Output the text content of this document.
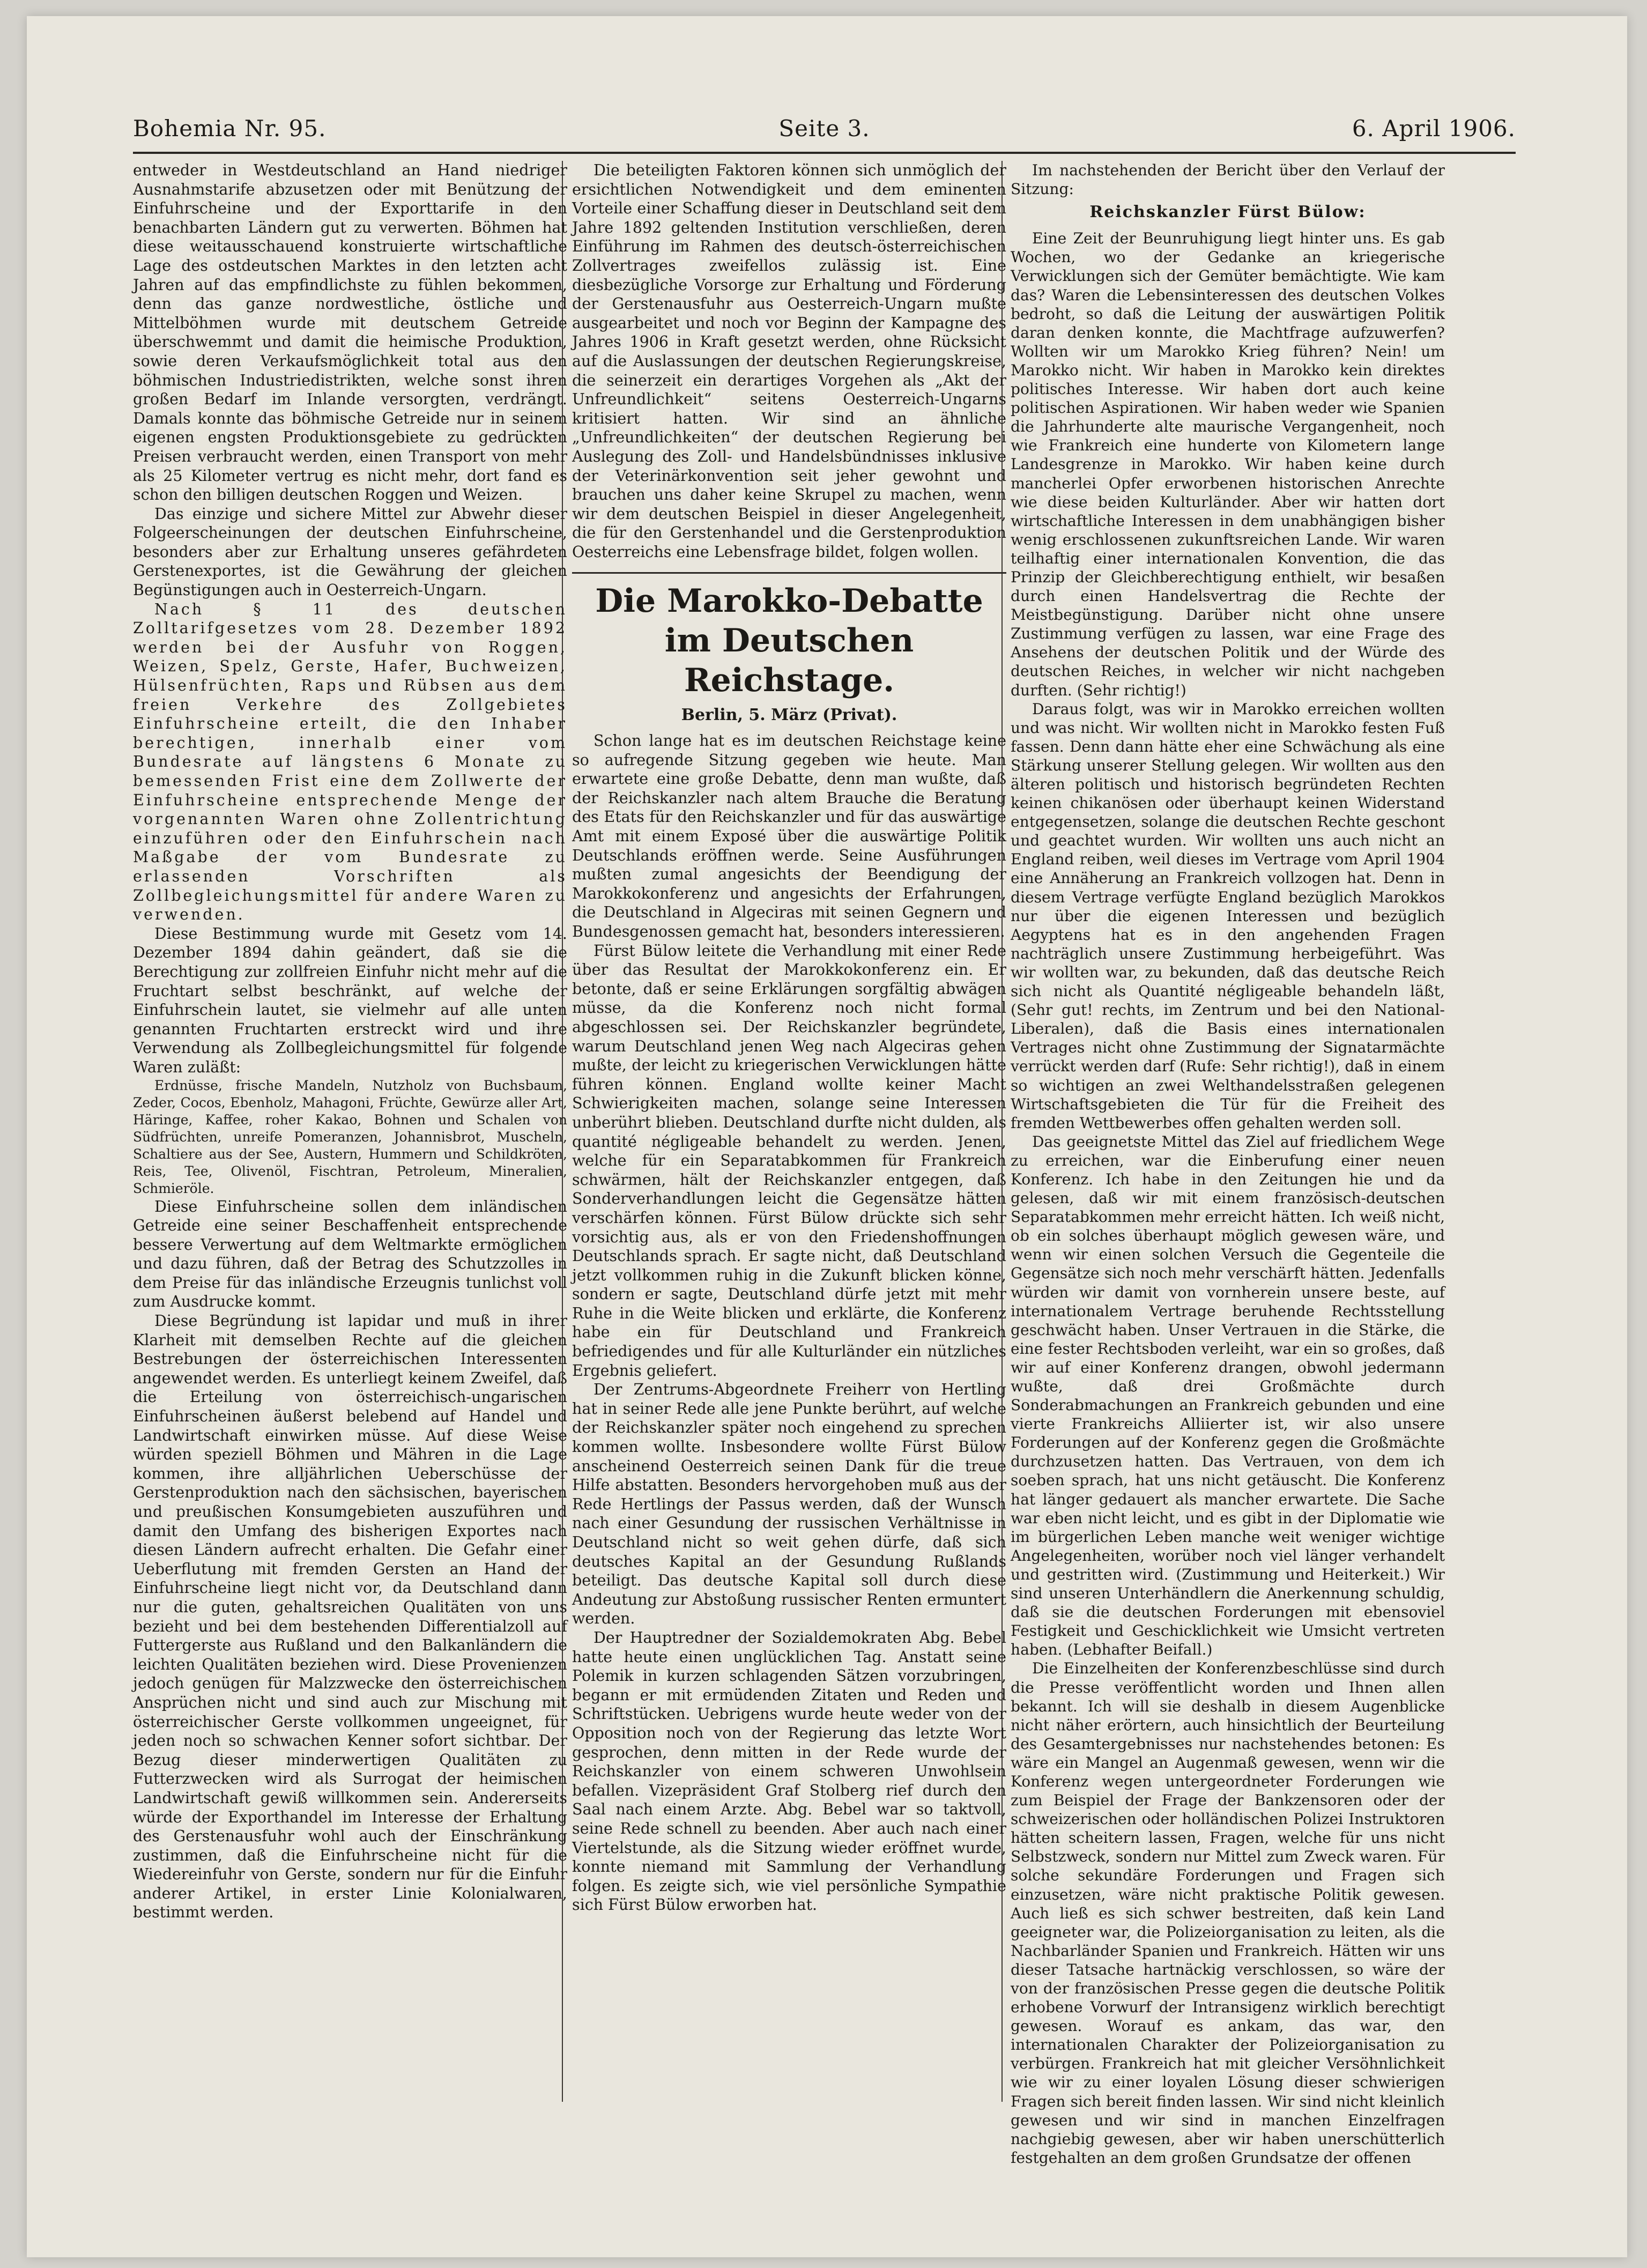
Bohemia Nr. 95.	Seite 3.	6. April 1906.

entweder in Westdeutschland an Hand niedriger Ausnahmstarife abzusetzen oder mit Benützung der Einfuhrscheine und der Exporttarife in den benachbarten Ländern gut zu verwerten. Böhmen hat diese weitausschauend konstruierte wirtschaftliche Lage des ostdeutschen Marktes in den letzten acht Jahren auf das empfindlichste zu fühlen bekommen, denn das ganze nordwestliche, östliche und Mittelböhmen wurde mit deutschem Getreide überschwemmt und damit die heimische Produktion, sowie deren Verkaufsmöglichkeit total aus den böhmischen Industriedistrikten, welche sonst ihren großen Bedarf im Inlande versorgten, verdrängt. Damals konnte das böhmische Getreide nur in seinem eigenen engsten Produktionsgebiete zu gedrückten Preisen verbraucht werden, einen Transport von mehr als 25 Kilometer vertrug es nicht mehr, dort fand es schon den billigen deutschen Roggen und Weizen.

Das einzige und sichere Mittel zur Abwehr dieser Folgeerscheinungen der deutschen Einfuhrscheine, besonders aber zur Erhaltung unseres gefährdeten Gerstenexportes, ist die Gewährung der gleichen Begünstigungen auch in Oesterreich-Ungarn.

Nach § 11 des deutschen Zolltarifgesetzes vom 28. Dezember 1892 werden bei der Ausfuhr von Roggen, Weizen, Spelz, Gerste, Hafer, Buchweizen, Hülsenfrüchten, Raps und Rübsen aus dem freien Verkehre des Zollgebietes Einfuhrscheine erteilt, die den Inhaber berechtigen, innerhalb einer vom Bundesrate auf längstens 6 Monate zu bemessenden Frist eine dem Zollwerte der Einfuhrscheine entsprechende Menge der vorgenannten Waren ohne Zollentrichtung einzuführen oder den Einfuhrschein nach Maßgabe der vom Bundesrate zu erlassenden Vorschriften als Zollbegleichungsmittel für andere Waren zu verwenden.

Diese Bestimmung wurde mit Gesetz vom 14. Dezember 1894 dahin geändert, daß sie die Berechtigung zur zollfreien Einfuhr nicht mehr auf die Fruchtart selbst beschränkt, auf welche der Einfuhrschein lautet, sie vielmehr auf alle unten genannten Fruchtarten erstreckt wird und ihre Verwendung als Zollbegleichungsmittel für folgende Waren zuläßt:

Erdnüsse, frische Mandeln, Nutzholz von Buchsbaum, Zeder, Cocos, Ebenholz, Mahagoni, Früchte, Gewürze aller Art, Häringe, Kaffee, roher Kakao, Bohnen und Schalen von Südfrüchten, unreife Pomeranzen, Johannisbrot, Muscheln, Schaltiere aus der See, Austern, Hummern und Schildkröten, Reis, Tee, Olivenöl, Fischtran, Petroleum, Mineralien, Schmieröle.

Diese Einfuhrscheine sollen dem inländischen Getreide eine seiner Beschaffenheit entsprechende bessere Verwertung auf dem Weltmarkte ermöglichen und dazu führen, daß der Betrag des Schutzzolles in dem Preise für das inländische Erzeugnis tunlichst voll zum Ausdrucke kommt.

Diese Begründung ist lapidar und muß in ihrer Klarheit mit demselben Rechte auf die gleichen Bestrebungen der österreichischen Interessenten angewendet werden. Es unterliegt keinem Zweifel, daß die Erteilung von österreichisch-ungarischen Einfuhrscheinen äußerst belebend auf Handel und Landwirtschaft einwirken müsse. Auf diese Weise würden speziell Böhmen und Mähren in die Lage kommen, ihre alljährlichen Ueberschüsse der Gerstenproduktion nach den sächsischen, bayerischen und preußischen Konsumgebieten auszuführen und damit den Umfang des bisherigen Exportes nach diesen Ländern aufrecht erhalten. Die Gefahr einer Ueberflutung mit fremden Gersten an Hand der Einfuhrscheine liegt nicht vor, da Deutschland dann nur die guten, gehaltsreichen Qualitäten von uns bezieht und bei dem bestehenden Differentialzoll auf Futtergerste aus Rußland und den Balkanländern die leichten Qualitäten beziehen wird. Diese Provenienzen jedoch genügen für Malzzwecke den österreichischen Ansprüchen nicht und sind auch zur Mischung mit österreichischer Gerste vollkommen ungeeignet, für jeden noch so schwachen Kenner sofort sichtbar. Der Bezug dieser minderwertigen Qualitäten zu Futterzwecken wird als Surrogat der heimischen Landwirtschaft gewiß willkommen sein. Andererseits würde der Exporthandel im Interesse der Erhaltung des Gerstenausfuhr wohl auch der Einschränkung zustimmen, daß die Einfuhrscheine nicht für die Wiedereinfuhr von Gerste, sondern nur für die Einfuhr anderer Artikel, in erster Linie Kolonialwaren, bestimmt werden.

Die beteiligten Faktoren können sich unmöglich der ersichtlichen Notwendigkeit und dem eminenten Vorteile einer Schaffung dieser in Deutschland seit dem Jahre 1892 geltenden Institution verschließen, deren Einführung im Rahmen des deutsch-österreichischen Zollvertrages zweifellos zulässig ist. Eine diesbezügliche Vorsorge zur Erhaltung und Förderung der Gerstenausfuhr aus Oesterreich-Ungarn mußte ausgearbeitet und noch vor Beginn der Kampagne des Jahres 1906 in Kraft gesetzt werden, ohne Rücksicht auf die Auslassungen der deutschen Regierungskreise, die seinerzeit ein derartiges Vorgehen als „Akt der Unfreundlichkeit“ seitens Oesterreich-Ungarns kritisiert hatten. Wir sind an ähnliche „Unfreundlichkeiten“ der deutschen Regierung bei Auslegung des Zoll- und Handelsbündnisses inklusive der Veterinärkonvention seit jeher gewohnt und brauchen uns daher keine Skrupel zu machen, wenn wir dem deutschen Beispiel in dieser Angelegenheit, die für den Gerstenhandel und die Gerstenproduktion Oesterreichs eine Lebensfrage bildet, folgen wollen.

Die Marokko-Debatte im Deutschen Reichstage.
Berlin, 5. März (Privat).

Schon lange hat es im deutschen Reichstage keine so aufregende Sitzung gegeben wie heute. Man erwartete eine große Debatte, denn man wußte, daß der Reichskanzler nach altem Brauche die Beratung des Etats für den Reichskanzler und für das auswärtige Amt mit einem Exposé über die auswärtige Politik Deutschlands eröffnen werde. Seine Ausführungen mußten zumal angesichts der Beendigung der Marokkokonferenz und angesichts der Erfahrungen, die Deutschland in Algeciras mit seinen Gegnern und Bundesgenossen gemacht hat, besonders interessieren.

Fürst Bülow leitete die Verhandlung mit einer Rede über das Resultat der Marokkokonferenz ein. Er betonte, daß er seine Erklärungen sorgfältig abwägen müsse, da die Konferenz noch nicht formal abgeschlossen sei. Der Reichskanzler begründete, warum Deutschland jenen Weg nach Algeciras gehen mußte, der leicht zu kriegerischen Verwicklungen hätte führen können. England wollte keiner Macht Schwierigkeiten machen, solange seine Interessen unberührt blieben. Deutschland durfte nicht dulden, als quantité négligeable behandelt zu werden. Jenen, welche für ein Separatabkommen für Frankreich schwärmen, hält der Reichskanzler entgegen, daß Sonderverhandlungen leicht die Gegensätze hätten verschärfen können. Fürst Bülow drückte sich sehr vorsichtig aus, als er von den Friedenshoffnungen Deutschlands sprach. Er sagte nicht, daß Deutschland jetzt vollkommen ruhig in die Zukunft blicken könne, sondern er sagte, Deutschland dürfe jetzt mit mehr Ruhe in die Weite blicken und erklärte, die Konferenz habe ein für Deutschland und Frankreich befriedigendes und für alle Kulturländer ein nützliches Ergebnis geliefert.

Der Zentrums-Abgeordnete Freiherr von Hertling hat in seiner Rede alle jene Punkte berührt, auf welche der Reichskanzler später noch eingehend zu sprechen kommen wollte. Insbesondere wollte Fürst Bülow anscheinend Oesterreich seinen Dank für die treue Hilfe abstatten. Besonders hervorgehoben muß aus der Rede Hertlings der Passus werden, daß der Wunsch nach einer Gesundung der russischen Verhältnisse in Deutschland nicht so weit gehen dürfe, daß sich deutsches Kapital an der Gesundung Rußlands beteiligt. Das deutsche Kapital soll durch diese Andeutung zur Abstoßung russischer Renten ermuntert werden.

Der Hauptredner der Sozialdemokraten Abg. Bebel hatte heute einen unglücklichen Tag. Anstatt seine Polemik in kurzen schlagenden Sätzen vorzubringen, begann er mit ermüdenden Zitaten und Reden und Schriftstücken. Uebrigens wurde heute weder von der Opposition noch von der Regierung das letzte Wort gesprochen, denn mitten in der Rede wurde der Reichskanzler von einem schweren Unwohlsein befallen. Vizepräsident Graf Stolberg rief durch den Saal nach einem Arzte. Abg. Bebel war so taktvoll, seine Rede schnell zu beenden. Aber auch nach einer Viertelstunde, als die Sitzung wieder eröffnet wurde, konnte niemand mit Sammlung der Verhandlung folgen. Es zeigte sich, wie viel persönliche Sympathie sich Fürst Bülow erworben hat.

Im nachstehenden der Bericht über den Verlauf der Sitzung:

Reichskanzler Fürst Bülow:

Eine Zeit der Beunruhigung liegt hinter uns. Es gab Wochen, wo der Gedanke an kriegerische Verwicklungen sich der Gemüter bemächtigte. Wie kam das? Waren die Lebensinteressen des deutschen Volkes bedroht, so daß die Leitung der auswärtigen Politik daran denken konnte, die Machtfrage aufzuwerfen? Wollten wir um Marokko Krieg führen? Nein! um Marokko nicht. Wir haben in Marokko kein direktes politisches Interesse. Wir haben dort auch keine politischen Aspirationen. Wir haben weder wie Spanien die Jahrhunderte alte maurische Vergangenheit, noch wie Frankreich eine hunderte von Kilometern lange Landesgrenze in Marokko. Wir haben keine durch mancherlei Opfer erworbenen historischen Anrechte wie diese beiden Kulturländer. Aber wir hatten dort wirtschaftliche Interessen in dem unabhängigen bisher wenig erschlossenen zukunftsreichen Lande. Wir waren teilhaftig einer internationalen Konvention, die das Prinzip der Gleichberechtigung enthielt, wir besaßen durch einen Handelsvertrag die Rechte der Meistbegünstigung. Darüber nicht ohne unsere Zustimmung verfügen zu lassen, war eine Frage des Ansehens der deutschen Politik und der Würde des deutschen Reiches, in welcher wir nicht nachgeben durften. (Sehr richtig!)

Daraus folgt, was wir in Marokko erreichen wollten und was nicht. Wir wollten nicht in Marokko festen Fuß fassen. Denn dann hätte eher eine Schwächung als eine Stärkung unserer Stellung gelegen. Wir wollten aus den älteren politisch und historisch begründeten Rechten keinen chikanösen oder überhaupt keinen Widerstand entgegensetzen, solange die deutschen Rechte geschont und geachtet wurden. Wir wollten uns auch nicht an England reiben, weil dieses im Vertrage vom April 1904 eine Annäherung an Frankreich vollzogen hat. Denn in diesem Vertrage verfügte England bezüglich Marokkos nur über die eigenen Interessen und bezüglich Aegyptens hat es in den angehenden Fragen nachträglich unsere Zustimmung herbeigeführt. Was wir wollten war, zu bekunden, daß das deutsche Reich sich nicht als Quantité négligeable behandeln läßt, (Sehr gut! rechts, im Zentrum und bei den National-Liberalen), daß die Basis eines internationalen Vertrages nicht ohne Zustimmung der Signatarmächte verrückt werden darf (Rufe: Sehr richtig!), daß in einem so wichtigen an zwei Welthandelsstraßen gelegenen Wirtschaftsgebieten die Tür für die Freiheit des fremden Wettbewerbes offen gehalten werden soll.

Das geeignetste Mittel das Ziel auf friedlichem Wege zu erreichen, war die Einberufung einer neuen Konferenz. Ich habe in den Zeitungen hie und da gelesen, daß wir mit einem französisch-deutschen Separatabkommen mehr erreicht hätten. Ich weiß nicht, ob ein solches überhaupt möglich gewesen wäre, und wenn wir einen solchen Versuch die Gegenteile die Gegensätze sich noch mehr verschärft hätten. Jedenfalls würden wir damit von vornherein unsere beste, auf internationalem Vertrage beruhende Rechtsstellung geschwächt haben. Unser Vertrauen in die Stärke, die eine fester Rechtsboden verleiht, war ein so großes, daß wir auf einer Konferenz drangen, obwohl jedermann wußte, daß drei Großmächte durch Sonderabmachungen an Frankreich gebunden und eine vierte Frankreichs Alliierter ist, wir also unsere Forderungen auf der Konferenz gegen die Großmächte durchzusetzen hatten. Das Vertrauen, von dem ich soeben sprach, hat uns nicht getäuscht. Die Konferenz hat länger gedauert als mancher erwartete. Die Sache war eben nicht leicht, und es gibt in der Diplomatie wie im bürgerlichen Leben manche weit weniger wichtige Angelegenheiten, worüber noch viel länger verhandelt und gestritten wird. (Zustimmung und Heiterkeit.) Wir sind unseren Unterhändlern die Anerkennung schuldig, daß sie die deutschen Forderungen mit ebensoviel Festigkeit und Geschicklichkeit wie Umsicht vertreten haben. (Lebhafter Beifall.)

Die Einzelheiten der Konferenzbeschlüsse sind durch die Presse veröffentlicht worden und Ihnen allen bekannt. Ich will sie deshalb in diesem Augenblicke nicht näher erörtern, auch hinsichtlich der Beurteilung des Gesamtergebnisses nur nachstehendes betonen: Es wäre ein Mangel an Augenmaß gewesen, wenn wir die Konferenz wegen untergeordneter Forderungen wie zum Beispiel der Frage der Bankzensoren oder der schweizerischen oder holländischen Polizei Instruktoren hätten scheitern lassen, Fragen, welche für uns nicht Selbstzweck, sondern nur Mittel zum Zweck waren. Für solche sekundäre Forderungen und Fragen sich einzusetzen, wäre nicht praktische Politik gewesen. Auch ließ es sich schwer bestreiten, daß kein Land geeigneter war, die Polizeiorganisation zu leiten, als die Nachbarländer Spanien und Frankreich. Hätten wir uns dieser Tatsache hartnäckig verschlossen, so wäre der von der französischen Presse gegen die deutsche Politik erhobene Vorwurf der Intransigenz wirklich berechtigt gewesen. Worauf es ankam, das war, den internationalen Charakter der Polizeiorganisation zu verbürgen. Frankreich hat mit gleicher Versöhnlichkeit wie wir zu einer loyalen Lösung dieser schwierigen Fragen sich bereit finden lassen. Wir sind nicht kleinlich gewesen und wir sind in manchen Einzelfragen nachgiebig gewesen, aber wir haben unerschütterlich festgehalten an dem großen Grundsatze der offenen
